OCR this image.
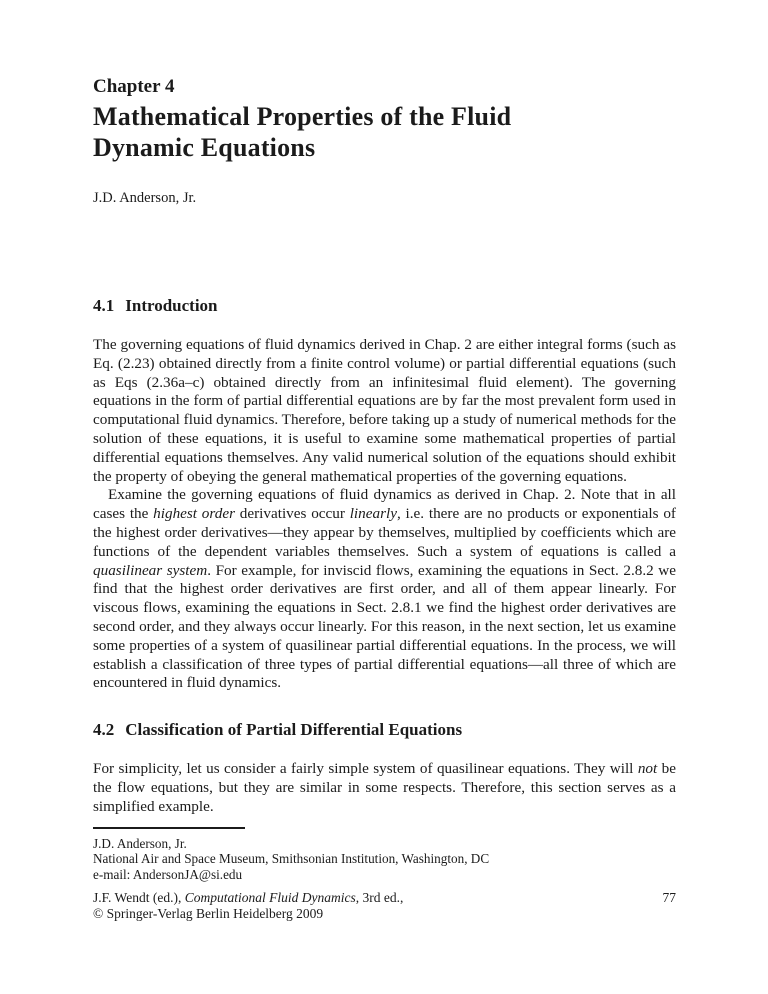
Chapter 4
Mathematical Properties of the Fluid
Dynamic Equations
J.D. Anderson, Jr.
4.1 Introduction

The governing equations of fluid dynamics derived in Chap. 2 are either integral forms (such as Eq. (2.23) obtained directly from a finite control volume) or partial differential equations (such as Eqs (2.36a–c) obtained directly from an infinitesimal fluid element). The governing equations in the form of partial differential equations are by far the most prevalent form used in computational fluid dynamics. Therefore, before taking up a study of numerical methods for the solution of these equations, it is useful to examine some mathematical properties of partial differential equations themselves. Any valid numerical solution of the equations should exhibit the property of obeying the general mathematical properties of the governing equations.

Examine the governing equations of fluid dynamics as derived in Chap. 2. Note that in all cases the highest order derivatives occur linearly, i.e. there are no products or exponentials of the highest order derivatives—they appear by themselves, multiplied by coefficients which are functions of the dependent variables themselves. Such a system of equations is called a quasilinear system. For example, for inviscid flows, examining the equations in Sect. 2.8.2 we find that the highest order derivatives are first order, and all of them appear linearly. For viscous flows, examining the equations in Sect. 2.8.1 we find the highest order derivatives are second order, and they always occur linearly. For this reason, in the next section, let us examine some properties of a system of quasilinear partial differential equations. In the process, we will establish a classification of three types of partial differential equations—all three of which are encountered in fluid dynamics.

4.2 Classification of Partial Differential Equations

For simplicity, let us consider a fairly simple system of quasilinear equations. They will not be the flow equations, but they are similar in some respects. Therefore, this section serves as a simplified example.

J.D. Anderson, Jr.
National Air and Space Museum, Smithsonian Institution, Washington, DC
e-mail: AndersonJA@si.edu
J.F. Wendt (ed.), Computational Fluid Dynamics, 3rd ed.,
© Springer-Verlag Berlin Heidelberg 2009
77
